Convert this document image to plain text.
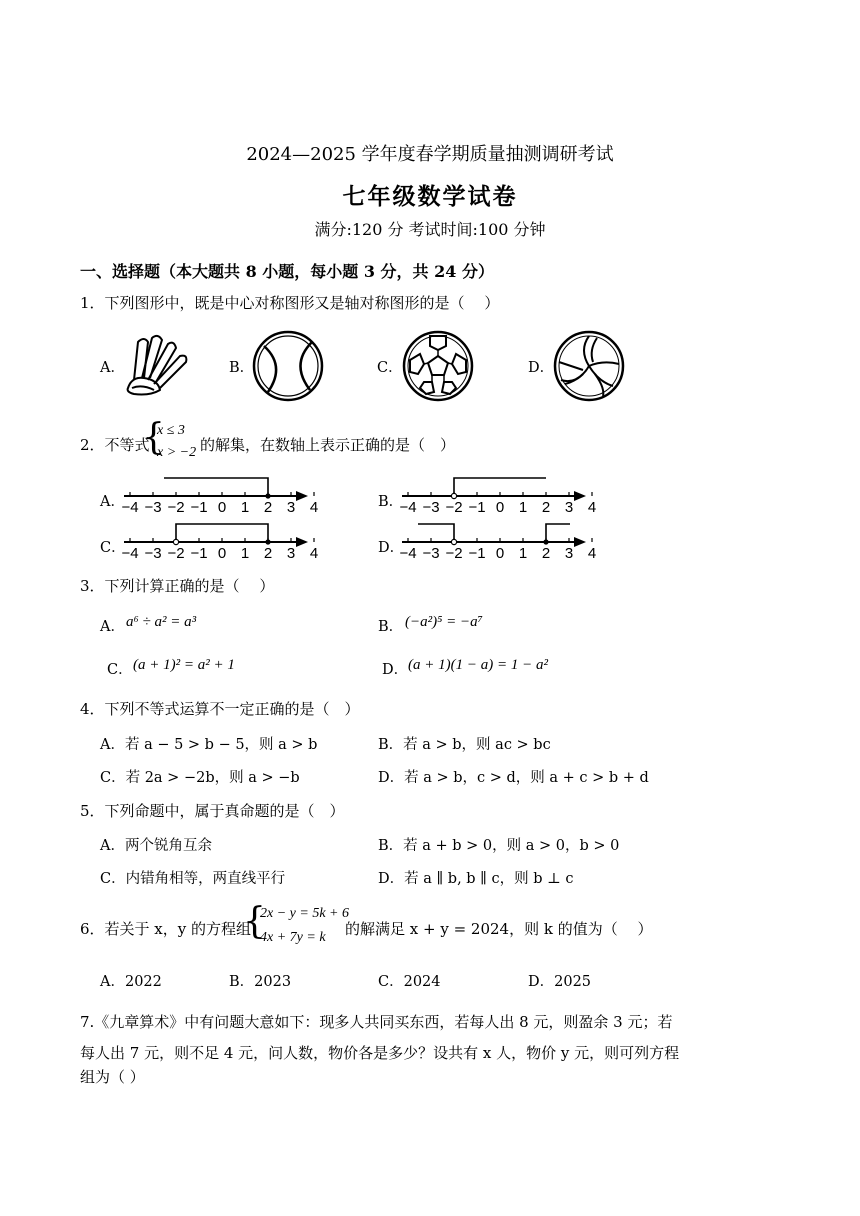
2024—2025 学年度春学期质量抽测调研考试
七年级数学试卷
满分:120 分 考试时间:100 分钟
一、选择题（本大题共 8 小题，每小题 3 分，共 24 分）
1．下列图形中，既是中心对称图形又是轴对称图形的是（　 ）
A．	B．	C．	D．
2．不等式
{
x ≤ 3
x > −2 的解集，在数轴上表示正确的是（　）
A．	B．
C．	D．
−4 −3 −2 −1 0 1 2 3 4	−4 −3 −2 −1 0 1 2 3 4
−4 −3 −2 −1 0 1 2 3 4	−4 −3 −2 −1 0 1 2 3 4
3．下列计算正确的是（　 ）
A． a⁶ ÷ a² = a³	B． (−a²)⁵ = −a⁷
C． (a + 1)² = a² + 1	D． (a + 1)(1 − a) = 1 − a²
4．下列不等式运算不一定正确的是（　）
A．若 a − 5 > b − 5，则 a > b	B．若 a > b，则 ac > bc
C．若 2a > −2b，则 a > −b	D．若 a > b，c > d，则 a + c > b + d
5．下列命题中，属于真命题的是（　）
A．两个锐角互余	B．若 a + b > 0，则 a > 0，b > 0
C．内错角相等，两直线平行	D．若 a ∥ b, b ∥ c，则 b ⊥ c
6．若关于 x，y 的方程组
{
2x − y = 5k + 6
4x + 7y = k 的解满足 x + y = 2024，则 k 的值为（　 ）
A．2022	B．2023	C．2024	D．2025
7.《九章算术》中有问题大意如下：现多人共同买东西，若每人出 8 元，则盈余 3 元；若
每人出 7 元，则不足 4 元，问人数，物价各是多少？设共有 x 人，物价 y 元，则可列方程
组为（ ）
